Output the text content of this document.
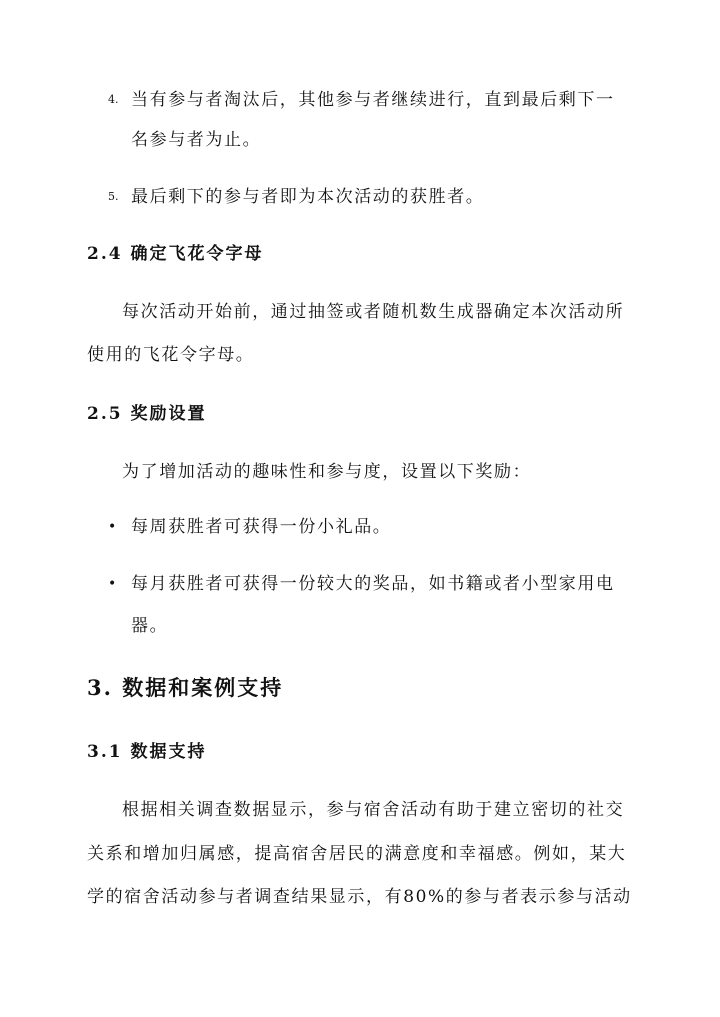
4. 当有参与者淘汰后，其他参与者继续进行，直到最后剩下一
名参与者为止。
5. 最后剩下的参与者即为本次活动的获胜者。
2.4 确定飞花令字母
每次活动开始前，通过抽签或者随机数生成器确定本次活动所
使用的飞花令字母。
2.5 奖励设置
为了增加活动的趣味性和参与度，设置以下奖励：
• 每周获胜者可获得一份小礼品。
• 每月获胜者可获得一份较大的奖品，如书籍或者小型家用电
器。
3. 数据和案例支持
3.1 数据支持
根据相关调查数据显示，参与宿舍活动有助于建立密切的社交
关系和增加归属感，提高宿舍居民的满意度和幸福感。例如，某大
学的宿舍活动参与者调查结果显示，有80%的参与者表示参与活动
